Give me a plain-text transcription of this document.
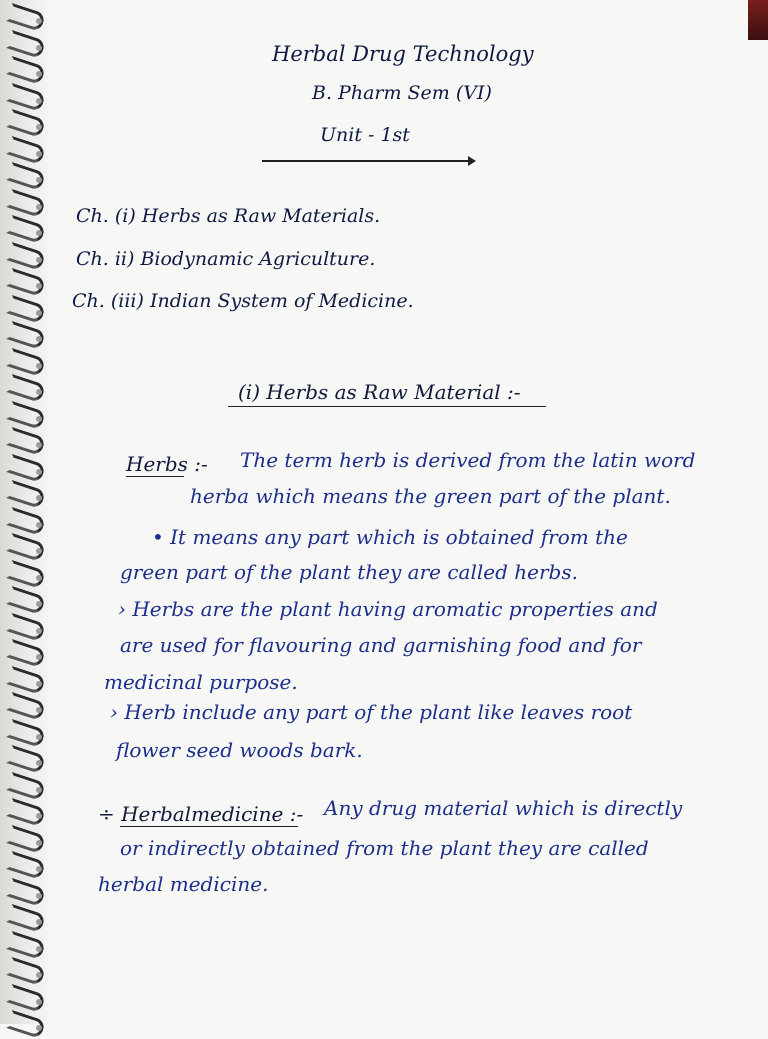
Herbal Drug Technology
B. Pharm Sem (VI)
Unit - 1st
Ch. (i) Herbs as Raw Materials.
Ch. ii) Biodynamic Agriculture.
Ch. (iii) Indian System of Medicine.
(i) Herbs as Raw Material :-
Herbs :- The term herb is derived from the latin word
herba which means the green part of the plant.
• It means any part which is obtained from the
green part of the plant they are called herbs.
› Herbs are the plant having aromatic properties and
are used for flavouring and garnishing food and for
medicinal purpose.
› Herb include any part of the plant like leaves root
flower seed woods bark.
÷ Herbalmedicine :- Any drug material which is directly
or indirectly obtained from the plant they are called
herbal medicine.
